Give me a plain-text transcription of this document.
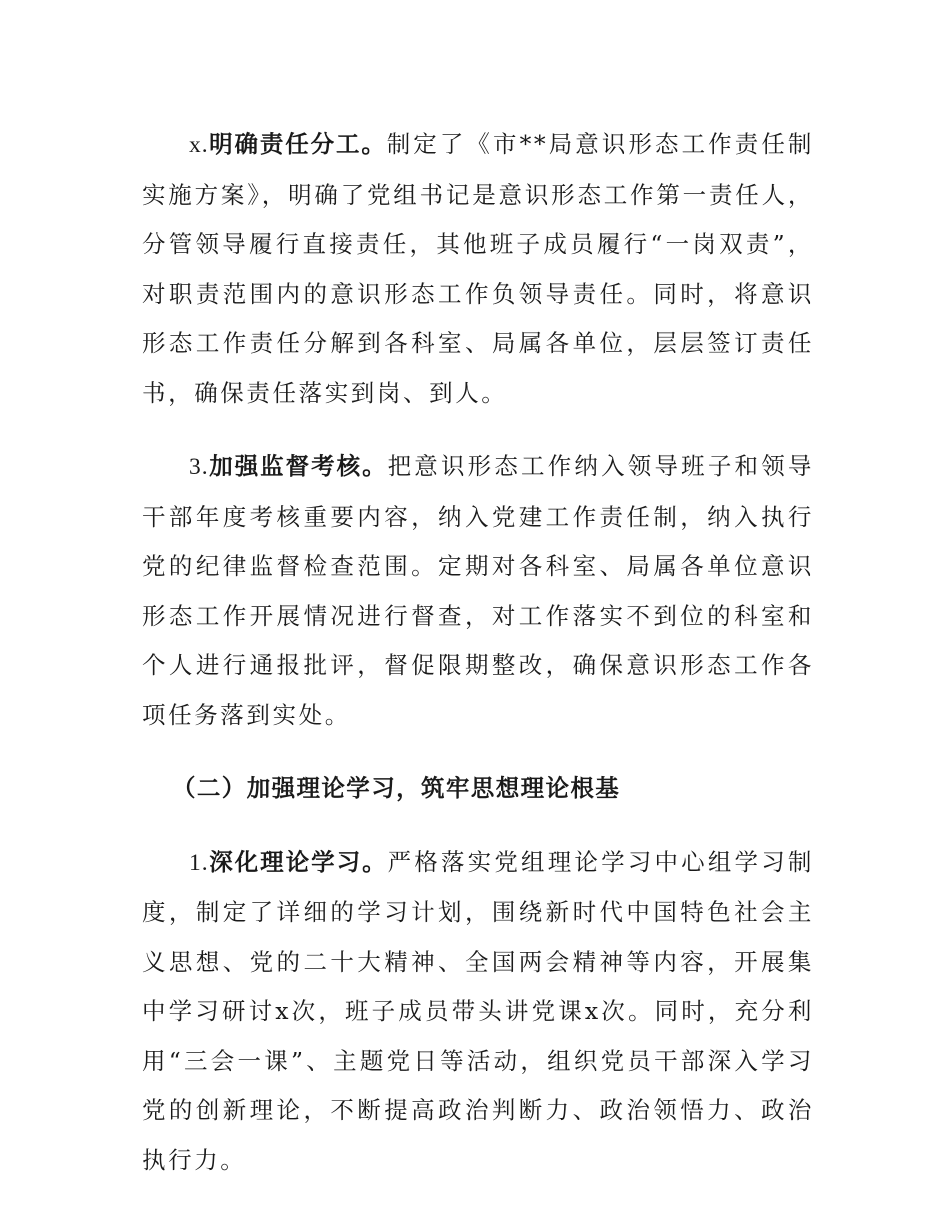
x.明确责任分工。制定了《市**局意识形态工作责任制实施方案》，明确了党组书记是意识形态工作第一责任人，分管领导履行直接责任，其他班子成员履行“一岗双责”，对职责范围内的意识形态工作负领导责任。同时，将意识形态工作责任分解到各科室、局属各单位，层层签订责任书，确保责任落实到岗、到人。

3.加强监督考核。把意识形态工作纳入领导班子和领导干部年度考核重要内容，纳入党建工作责任制，纳入执行党的纪律监督检查范围。定期对各科室、局属各单位意识形态工作开展情况进行督查，对工作落实不到位的科室和个人进行通报批评，督促限期整改，确保意识形态工作各项任务落到实处。

（二）加强理论学习，筑牢思想理论根基

1.深化理论学习。严格落实党组理论学习中心组学习制度，制定了详细的学习计划，围绕新时代中国特色社会主义思想、党的二十大精神、全国两会精神等内容，开展集中学习研讨x次，班子成员带头讲党课x次。同时，充分利用“三会一课”、主题党日等活动，组织党员干部深入学习党的创新理论，不断提高政治判断力、政治领悟力、政治执行力。
